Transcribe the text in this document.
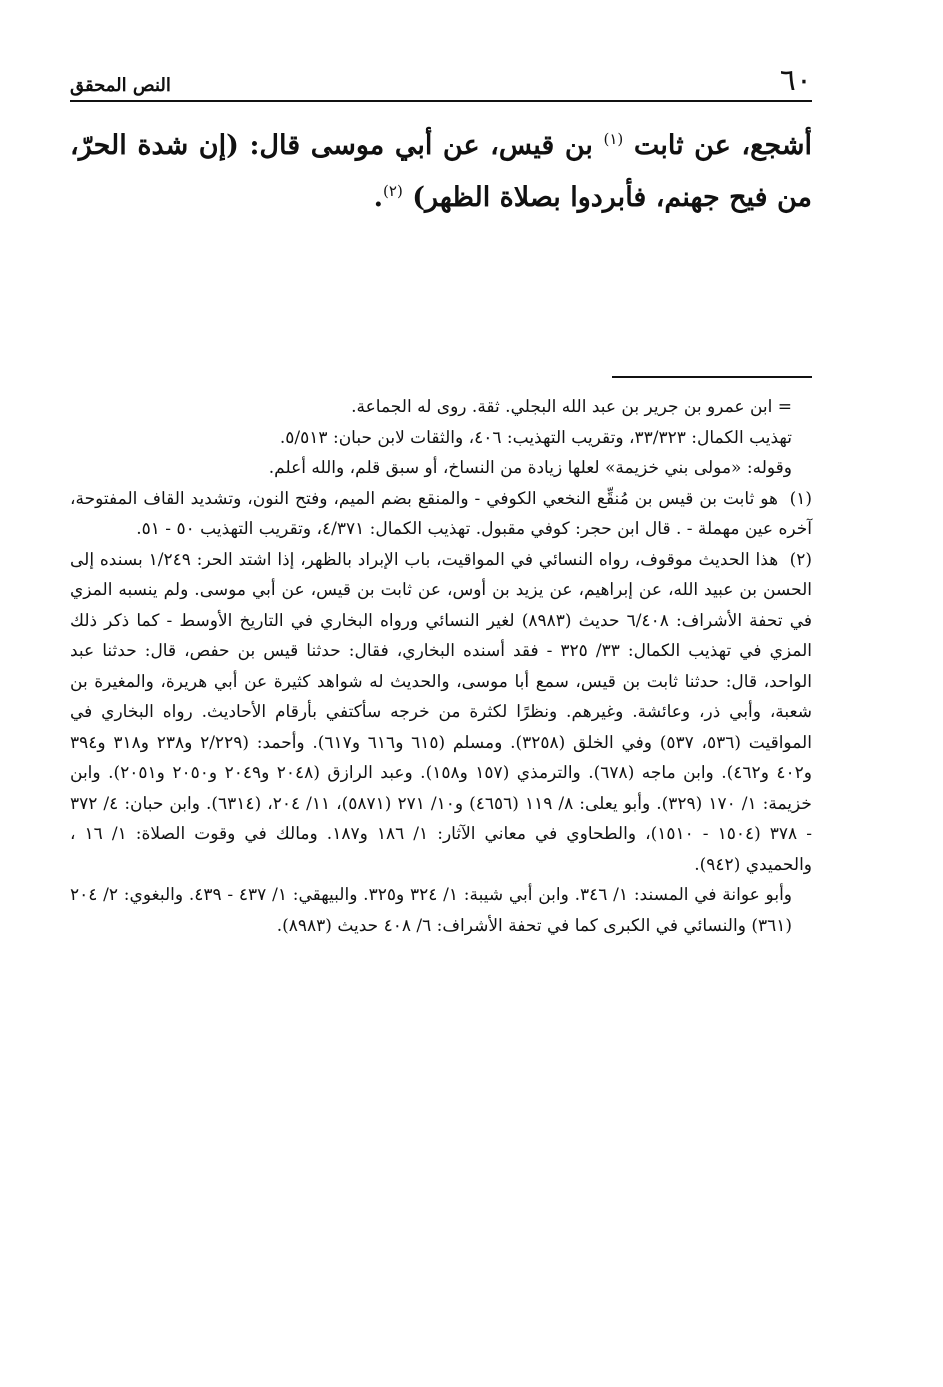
٦٠
النص المحقق
أشجع، عن ثابت $^{(١)}$ بن قيس، عن أبي موسى قال: (إن شدة الحرّ، من فيح جهنم، فأبردوا بصلاة الظهر) $^{(٢)}$.

= ابن عمرو بن جرير بن عبد الله البجلي. ثقة. روى له الجماعة.

تهذيب الكمال: ٣٣/٣٢٣، وتقريب التهذيب: ٤٠٦، والثقات لابن حبان: ٥/٥١٣.

وقوله: «مولى بني خزيمة» لعلها زيادة من النساخ، أو سبق قلم، والله أعلم.

(١) هو ثابت بن قيس بن مُنقِّع النخعي الكوفي - والمنقع بضم الميم، وفتح النون، وتشديد القاف المفتوحة، آخره عين مهملة - . قال ابن حجر: كوفي مقبول. تهذيب الكمال: ٤/٣٧١، وتقريب التهذيب ٥٠ - ٥١.

(٢) هذا الحديث موقوف، رواه النسائي في المواقيت، باب الإبراد بالظهر، إذا اشتد الحر: ١/٢٤٩ بسنده إلى الحسن بن عبيد الله، عن إبراهيم، عن يزيد بن أوس، عن ثابت بن قيس، عن أبي موسى. ولم ينسبه المزي في تحفة الأشراف: ٦/٤٠٨ حديث (٨٩٨٣) لغير النسائي ورواه البخاري في التاريخ الأوسط - كما ذكر ذلك المزي في تهذيب الكمال: ٣٣/ ٣٢٥ - فقد أسنده البخاري، فقال: حدثنا قيس بن حفص، قال: حدثنا عبد الواحد، قال: حدثنا ثابت بن قيس، سمع أبا موسى، والحديث له شواهد كثيرة عن أبي هريرة، والمغيرة بن شعبة، وأبي ذر، وعائشة. وغيرهم. ونظرًا لكثرة من خرجه سأكتفي بأرقام الأحاديث. رواه البخاري في المواقيت (٥٣٦، ٥٣٧) وفي الخلق (٣٢٥٨). ومسلم (٦١٥ و٦١٦ و٦١٧). وأحمد: (٢/٢٢٩ و٢٣٨ و٣١٨ و٣٩٤ و٤٠٢ و٤٦٢). وابن ماجه (٦٧٨). والترمذي (١٥٧ و١٥٨). وعبد الرازق (٢٠٤٨ و٢٠٤٩ و٢٠٥٠ و٢٠٥١). وابن خزيمة: ١/ ١٧٠ (٣٢٩). وأبو يعلى: ٨/ ١١٩ (٤٦٥٦) و١٠/ ٢٧١ (٥٨٧١)، ١١/ ٢٠٤، (٦٣١٤). وابن حبان: ٤/ ٣٧٢ - ٣٧٨ (١٥٠٤ - ١٥١٠)، والطحاوي في معاني الآثار: ١/ ١٨٦ و١٨٧. ومالك في وقوت الصلاة: ١/ ١٦ ، والحميدي (٩٤٢).

وأبو عوانة في المسند: ١/ ٣٤٦. وابن أبي شيبة: ١/ ٣٢٤ و٣٢٥. والبيهقي: ١/ ٤٣٧ - ٤٣٩. والبغوي: ٢/ ٢٠٤ (٣٦١) والنسائي في الكبرى كما في تحفة الأشراف: ٦/ ٤٠٨ حديث (٨٩٨٣).
